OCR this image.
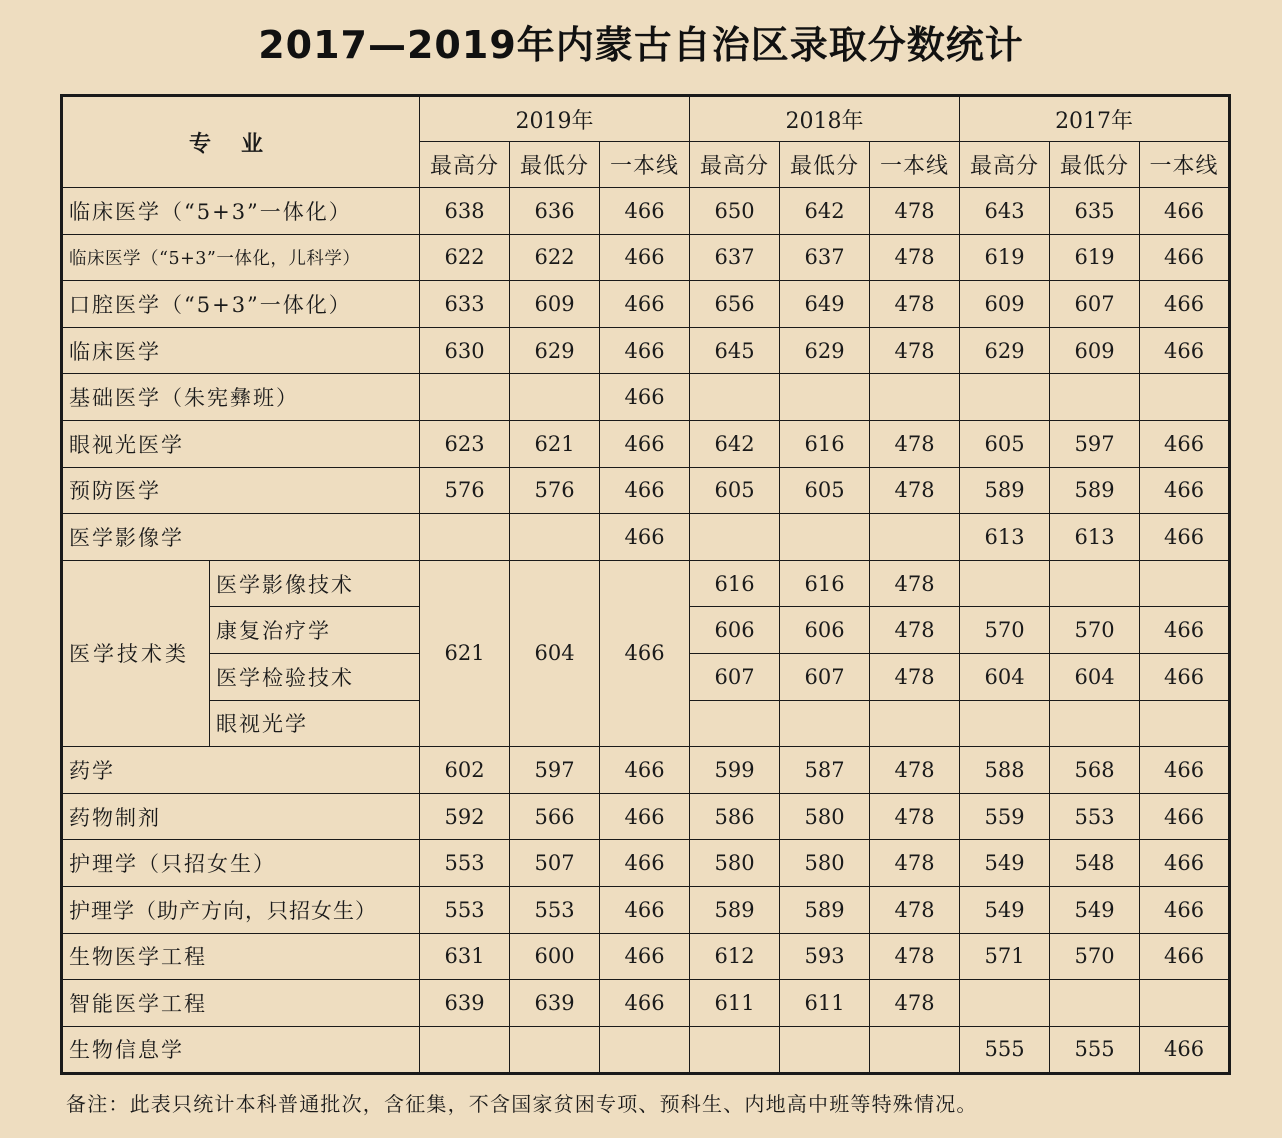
2017—2019年内蒙古自治区录取分数统计
专业		2019年			2018年			2017年		
		最高分	最低分	一本线	最高分	最低分	一本线	最高分	最低分	一本线
临床医学（“5+3”一体化）		638	636	466	650	642	478	643	635	466
临床医学（“5+3”一体化，儿科学）		622	622	466	637	637	478	619	619	466
口腔医学（“5+3”一体化）		633	609	466	656	649	478	609	607	466
临床医学		630	629	466	645	629	478	629	609	466
基础医学（朱宪彝班）				466						
眼视光医学		623	621	466	642	616	478	605	597	466
预防医学		576	576	466	605	605	478	589	589	466
医学影像学				466				613	613	466
医学技术类	医学影像技术	621	604	466	616	616	478			
	康复治疗学				606	606	478	570	570	466
	医学检验技术				607	607	478	604	604	466
	眼视光学									
药学		602	597	466	599	587	478	588	568	466
药物制剂		592	566	466	586	580	478	559	553	466
护理学（只招女生）		553	507	466	580	580	478	549	548	466
护理学（助产方向，只招女生）		553	553	466	589	589	478	549	549	466
生物医学工程		631	600	466	612	593	478	571	570	466
智能医学工程		639	639	466	611	611	478			
生物信息学								555	555	466
备注：此表只统计本科普通批次，含征集，不含国家贫困专项、预科生、内地高中班等特殊情况。
